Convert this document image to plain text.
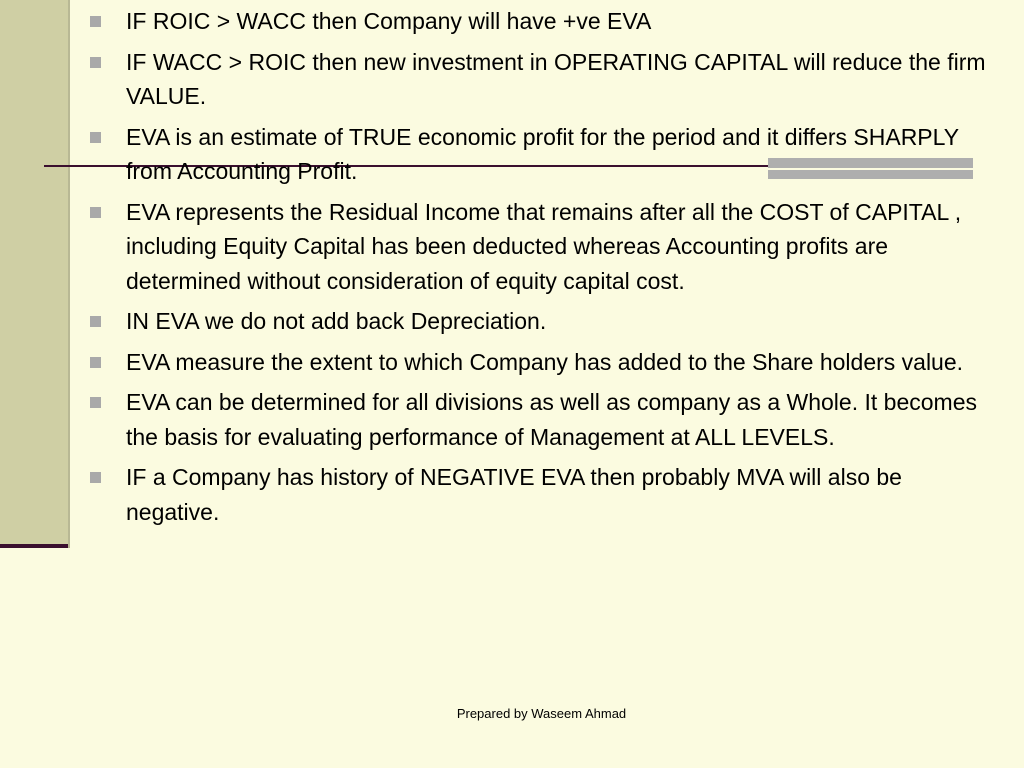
IF ROIC > WACC then Company will have +ve EVA
IF WACC > ROIC then new investment in OPERATING CAPITAL will reduce the firm VALUE.
EVA is an estimate of TRUE economic profit for the period and it differs SHARPLY from Accounting Profit.
EVA represents the Residual Income that remains after all the COST of CAPITAL , including Equity Capital has been deducted whereas Accounting profits are determined without consideration of equity capital cost.
IN EVA we do not add back Depreciation.
EVA measure the extent to which Company has added to the Share holders value.
EVA can be determined for all divisions as well as company as a Whole. It becomes the basis for evaluating performance of Management at ALL LEVELS.
IF a Company has history of NEGATIVE EVA then probably MVA will also be negative.
Prepared by Waseem Ahmad
